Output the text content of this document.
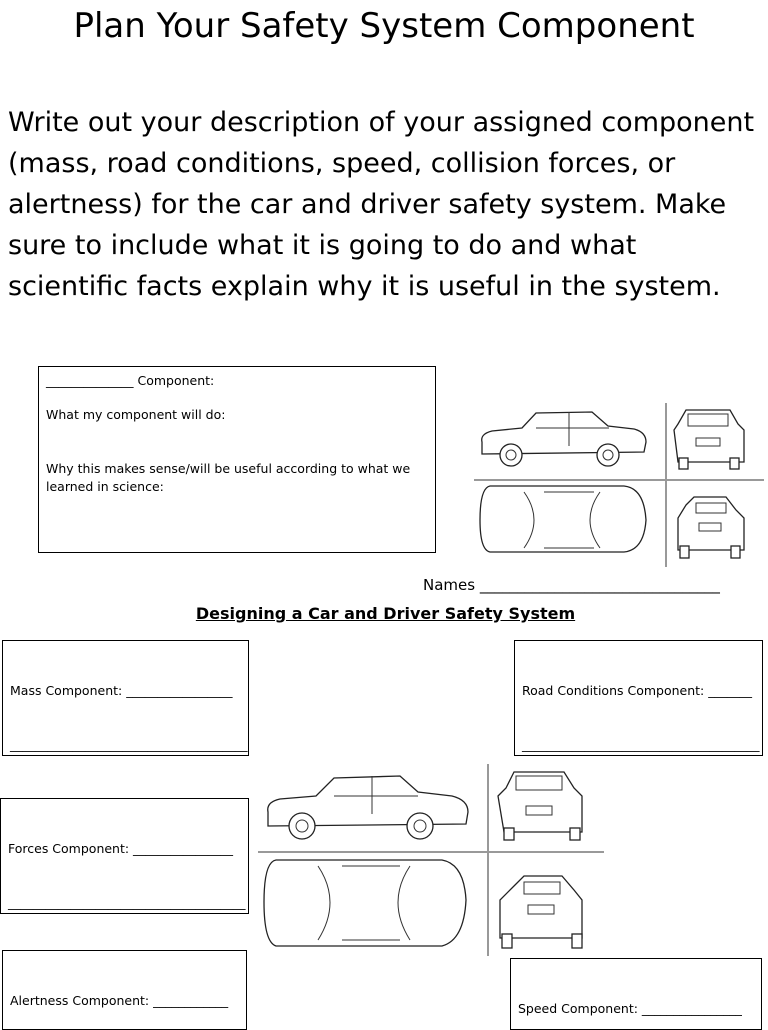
Plan Your Safety System Component
Write out your description of your assigned component (mass, road conditions, speed, collision forces, or alertness) for the car and driver safety system. Make sure to include what it is going to do and what scientific facts explain why it is useful in the system.

______________ Component:

What my component will do:

Why this makes sense/will be useful according to what we learned in science:

Names ________________________________
Designing a Car and Driver Safety System

Mass Component: _________________

______________________________________

Road Conditions Component: _______

______________________________________

Forces Component: ________________

______________________________________

Alertness Component: ____________

Speed Component: ________________
